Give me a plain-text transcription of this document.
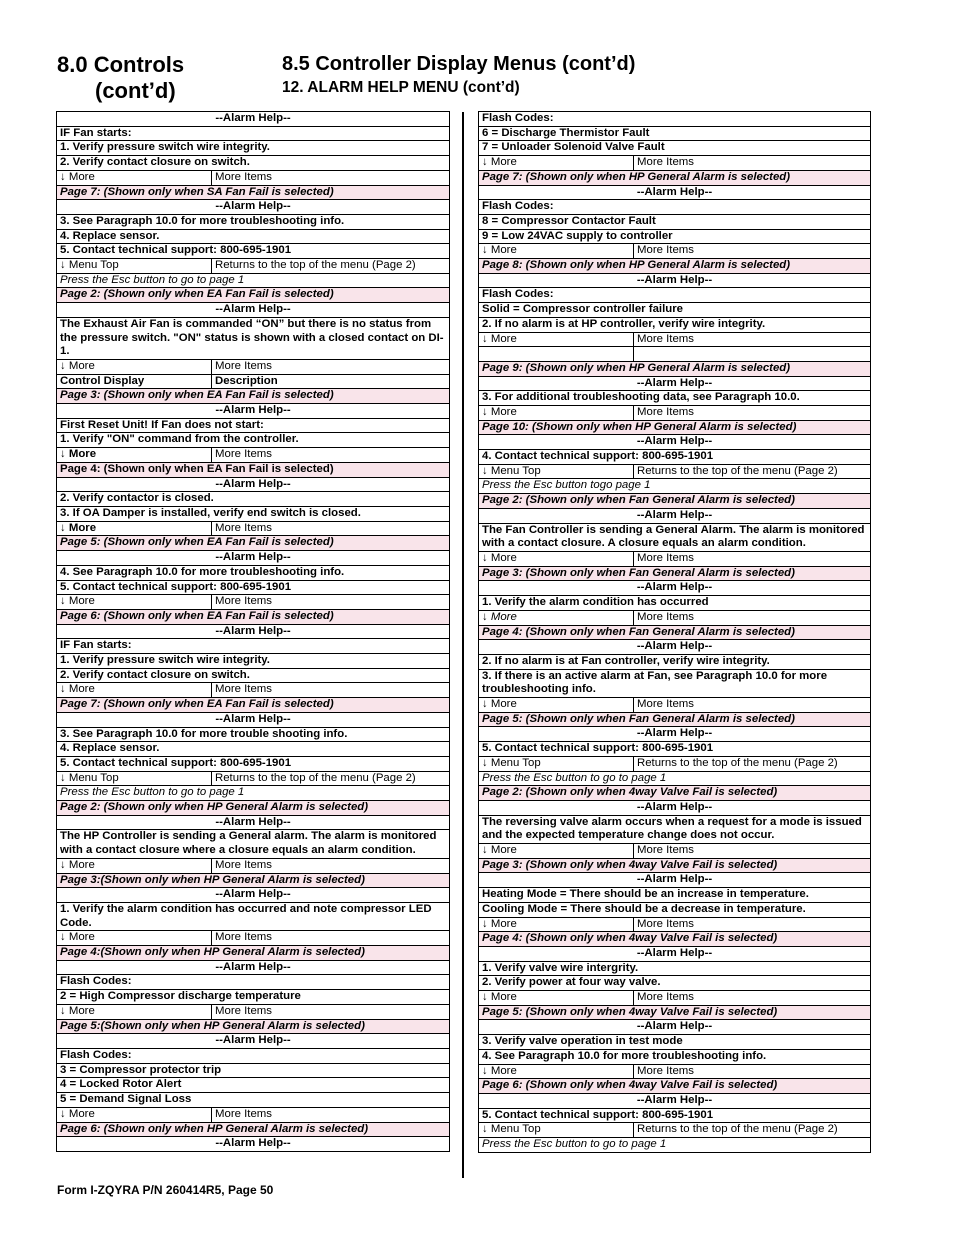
8.0 Controls
(cont’d)
8.5 Controller Display Menus (cont’d)
12. ALARM HELP MENU (cont’d)
--Alarm Help--
IF Fan starts:
1. Verify pressure switch wire integrity.
2. Verify contact closure on switch.
↓ More	More Items
Page 7: (Shown only when SA Fan Fail is selected)
--Alarm Help--
3. See Paragraph 10.0 for more troubleshooting info.
4. Replace sensor.
5. Contact technical support: 800-695-1901
↓ Menu Top	Returns to the top of the menu (Page 2)
Press the Esc button to go to page 1
Page 2: (Shown only when EA Fan Fail is selected)
--Alarm Help--
The Exhaust Air Fan is commanded “ON” but there is no status from the pressure switch. "ON" status is shown with a closed contact on DI-1.
↓ More	More Items
Control Display	Description
Page 3: (Shown only when EA Fan Fail is selected)
--Alarm Help--
First Reset Unit! If Fan does not start:
1. Verify "ON" command from the controller.
↓ More	More Items
Page 4: (Shown only when EA Fan Fail is selected)
--Alarm Help--
2. Verify contactor is closed.
3. If OA Damper is installed, verify end switch is closed.
↓ More	More Items
Page 5: (Shown only when EA Fan Fail is selected)
--Alarm Help--
4. See Paragraph 10.0 for more troubleshooting info.
5. Contact technical support: 800-695-1901
↓ More	More Items
Page 6: (Shown only when EA Fan Fail is selected)
--Alarm Help--
IF Fan starts:
1. Verify pressure switch wire integrity.
2. Verify contact closure on switch.
↓ More	More Items
Page 7: (Shown only when EA Fan Fail is selected)
--Alarm Help--
3. See Paragraph 10.0 for more trouble shooting info.
4. Replace sensor.
5. Contact technical support: 800-695-1901
↓ Menu Top	Returns to the top of the menu (Page 2)
Press the Esc button to go to page 1
Page 2: (Shown only when HP General Alarm is selected)
--Alarm Help--
The HP Controller is sending a General alarm. The alarm is monitored with a contact closure where a closure equals an alarm condition.
↓ More	More Items
Page 3:(Shown only when HP General Alarm is selected)
--Alarm Help--
1. Verify the alarm condition has occurred and note compressor LED Code.
↓ More	More Items
Page 4:(Shown only when HP General Alarm is selected)
--Alarm Help--
Flash Codes:
2 = High Compressor discharge temperature
↓ More	More Items
Page 5:(Shown only when HP General Alarm is selected)
--Alarm Help--
Flash Codes:
3 = Compressor protector trip
4 = Locked Rotor Alert
5 = Demand Signal Loss
↓ More	More Items
Page 6: (Shown only when HP General Alarm is selected)
--Alarm Help--
Flash Codes:
6 = Discharge Thermistor Fault
7 = Unloader Solenoid Valve Fault
↓ More	More Items
Page 7: (Shown only when HP General Alarm is selected)
--Alarm Help--
Flash Codes:
8 = Compressor Contactor Fault
9 = Low 24VAC supply to controller
↓ More	More Items
Page 8: (Shown only when HP General Alarm is selected)
--Alarm Help--
Flash Codes:
Solid = Compressor controller failure
2. If no alarm is at HP controller, verify wire integrity.
↓ More	More Items
Page 9: (Shown only when HP General Alarm is selected)
--Alarm Help--
3. For additional troubleshooting data, see Paragraph 10.0.
↓ More	More Items
Page 10: (Shown only when HP General Alarm is selected)
--Alarm Help--
4. Contact technical support: 800-695-1901
↓ Menu Top	Returns to the top of the menu (Page 2)
Press the Esc button togo page 1
Page 2: (Shown only when Fan General Alarm is selected)
--Alarm Help--
The Fan Controller is sending a General Alarm. The alarm is monitored with a contact closure. A closure equals an alarm condition.
↓ More	More Items
Page 3: (Shown only when Fan General Alarm is selected)
--Alarm Help--
1. Verify the alarm condition has occurred
↓ More	More Items
Page 4: (Shown only when Fan General Alarm is selected)
--Alarm Help--
2. If no alarm is at Fan controller, verify wire integrity.
3. If there is an active alarm at Fan, see Paragraph 10.0 for more troubleshooting info.
↓ More	More Items
Page 5: (Shown only when Fan General Alarm is selected)
--Alarm Help--
5. Contact technical support: 800-695-1901
↓ Menu Top	Returns to the top of the menu (Page 2)
Press the Esc button to go to page 1
Page 2: (Shown only when 4way Valve Fail is selected)
--Alarm Help--
The reversing valve alarm occurs when a request for a mode is issued and the expected temperature change does not occur.
↓ More	More Items
Page 3: (Shown only when 4way Valve Fail is selected)
--Alarm Help--
Heating Mode = There should be an increase in temperature.
Cooling Mode = There should be a decrease in temperature.
↓ More	More Items
Page 4: (Shown only when 4way Valve Fail is selected)
--Alarm Help--
1. Verify valve wire intergrity.
2. Verify power at four way valve.
↓ More	More Items
Page 5: (Shown only when 4way Valve Fail is selected)
--Alarm Help--
3. Verify valve operation in test mode
4. See Paragraph 10.0 for more troubleshooting info.
↓ More	More Items
Page 6: (Shown only when 4way Valve Fail is selected)
--Alarm Help--
5. Contact technical support: 800-695-1901
↓ Menu Top	Returns to the top of the menu (Page 2)
Press the Esc button to go to page 1
Form I-ZQYRA P/N 260414R5, Page 50
